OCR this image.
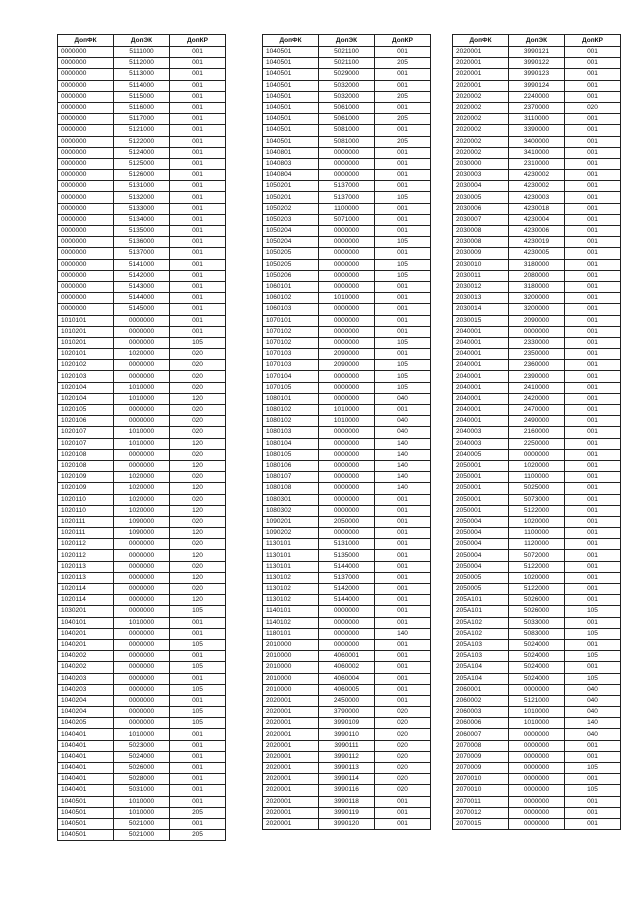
ДопФК	ДопЭК	ДопКР
0000000	5111000	001
0000000	5112000	001
0000000	5113000	001
0000000	5114000	001
0000000	5115000	001
0000000	5116000	001
0000000	5117000	001
0000000	5121000	001
0000000	5122000	001
0000000	5124000	001
0000000	5125000	001
0000000	5126000	001
0000000	5131000	001
0000000	5132000	001
0000000	5133000	001
0000000	5134000	001
0000000	5135000	001
0000000	5136000	001
0000000	5137000	001
0000000	5141000	001
0000000	5142000	001
0000000	5143000	001
0000000	5144000	001
0000000	5145000	001
1010101	0000000	001
1010201	0000000	001
1010201	0000000	105
1020101	1020000	020
1020102	0000000	020
1020103	0000000	020
1020104	1010000	020
1020104	1010000	120
1020105	0000000	020
1020106	0000000	020
1020107	1010000	020
1020107	1010000	120
1020108	0000000	020
1020108	0000000	120
1020109	1020000	020
1020109	1020000	120
1020110	1020000	020
1020110	1020000	120
1020111	1090000	020
1020111	1090000	120
1020112	0000000	020
1020112	0000000	120
1020113	0000000	020
1020113	0000000	120
1020114	0000000	020
1020114	0000000	120
1030201	0000000	105
1040101	1010000	001
1040201	0000000	001
1040201	0000000	105
1040202	0000000	001
1040202	0000000	105
1040203	0000000	001
1040203	0000000	105
1040204	0000000	001
1040204	0000000	105
1040205	0000000	105
1040401	1010000	001
1040401	5023000	001
1040401	5024000	001
1040401	5026000	001
1040401	5028000	001
1040401	5031000	001
1040501	1010000	001
1040501	1010000	205
1040501	5021000	001
1040501	5021000	205
ДопФК	ДопЭК	ДопКР
1040501	5021100	001
1040501	5021100	205
1040501	5029000	001
1040501	5032000	001
1040501	5032000	205
1040501	5061000	001
1040501	5061000	205
1040501	5081000	001
1040501	5081000	205
1040801	0000000	001
1040803	0000000	001
1040804	0000000	001
1050201	5137000	001
1050201	5137000	105
1050202	1100000	001
1050203	5071000	001
1050204	0000000	001
1050204	0000000	105
1050205	0000000	001
1050205	0000000	105
1050206	0000000	105
1060101	0000000	001
1060102	1010000	001
1060103	0000000	001
1070101	0000000	001
1070102	0000000	001
1070102	0000000	105
1070103	2090000	001
1070103	2090000	105
1070104	0000000	105
1070105	0000000	105
1080101	0000000	040
1080102	1010000	001
1080102	1010000	040
1080103	0000000	040
1080104	0000000	140
1080105	0000000	140
1080106	0000000	140
1080107	0000000	140
1080108	0000000	140
1080301	0000000	001
1080302	0000000	001
1090201	2050000	001
1090202	0000000	001
1130101	5131000	001
1130101	5135000	001
1130101	5144000	001
1130102	5137000	001
1130102	5142000	001
1130102	5144000	001
1140101	0000000	001
1140102	0000000	001
1180101	0000000	140
2010000	0000000	001
2010000	4060001	001
2010000	4060002	001
2010000	4060004	001
2010000	4060005	001
2020001	2450000	001
2020001	3790000	020
2020001	3990109	020
2020001	3990110	020
2020001	3990111	020
2020001	3990112	020
2020001	3990113	020
2020001	3990114	020
2020001	3990116	020
2020001	3990118	001
2020001	3990119	001
2020001	3990120	001
ДопФК	ДопЭК	ДопКР
2020001	3990121	001
2020001	3990122	001
2020001	3990123	001
2020001	3990124	001
2020002	2240000	001
2020002	2370000	020
2020002	3110000	001
2020002	3390000	001
2020002	3400000	001
2020002	3410000	001
2030000	2310000	001
2030003	4230002	001
2030004	4230002	001
2030005	4230003	001
2030006	4230018	001
2030007	4230004	001
2030008	4230006	001
2030008	4230019	001
2030009	4230005	001
2030010	3180000	001
2030011	2080000	001
2030012	3180000	001
2030013	3200000	001
2030014	3200000	001
2030015	2090000	001
2040001	0000000	001
2040001	2330000	001
2040001	2350000	001
2040001	2360000	001
2040001	2390000	001
2040001	2410000	001
2040001	2420000	001
2040001	2470000	001
2040001	2490000	001
2040003	2160000	001
2040003	2250000	001
2040005	0000000	001
2050001	1020000	001
2050001	1100000	001
2050001	5025000	001
2050001	5073000	001
2050001	5122000	001
2050004	1020000	001
2050004	1100000	001
2050004	1120000	001
2050004	5072000	001
2050004	5122000	001
2050005	1020000	001
2050005	5122000	001
205A101	5026000	001
205A101	5026000	105
205A102	5033000	001
205A102	5083000	105
205A103	5024000	001
205A103	5024000	105
205A104	5024000	001
205A104	5024000	105
2060001	0000000	040
2060002	5121000	040
2060003	1010000	040
2060006	1010000	140
2060007	0000000	040
2070008	0000000	001
2070009	0000000	001
2070009	0000000	105
2070010	0000000	001
2070010	0000000	105
2070011	0000000	001
2070012	0000000	001
2070015	0000000	001
